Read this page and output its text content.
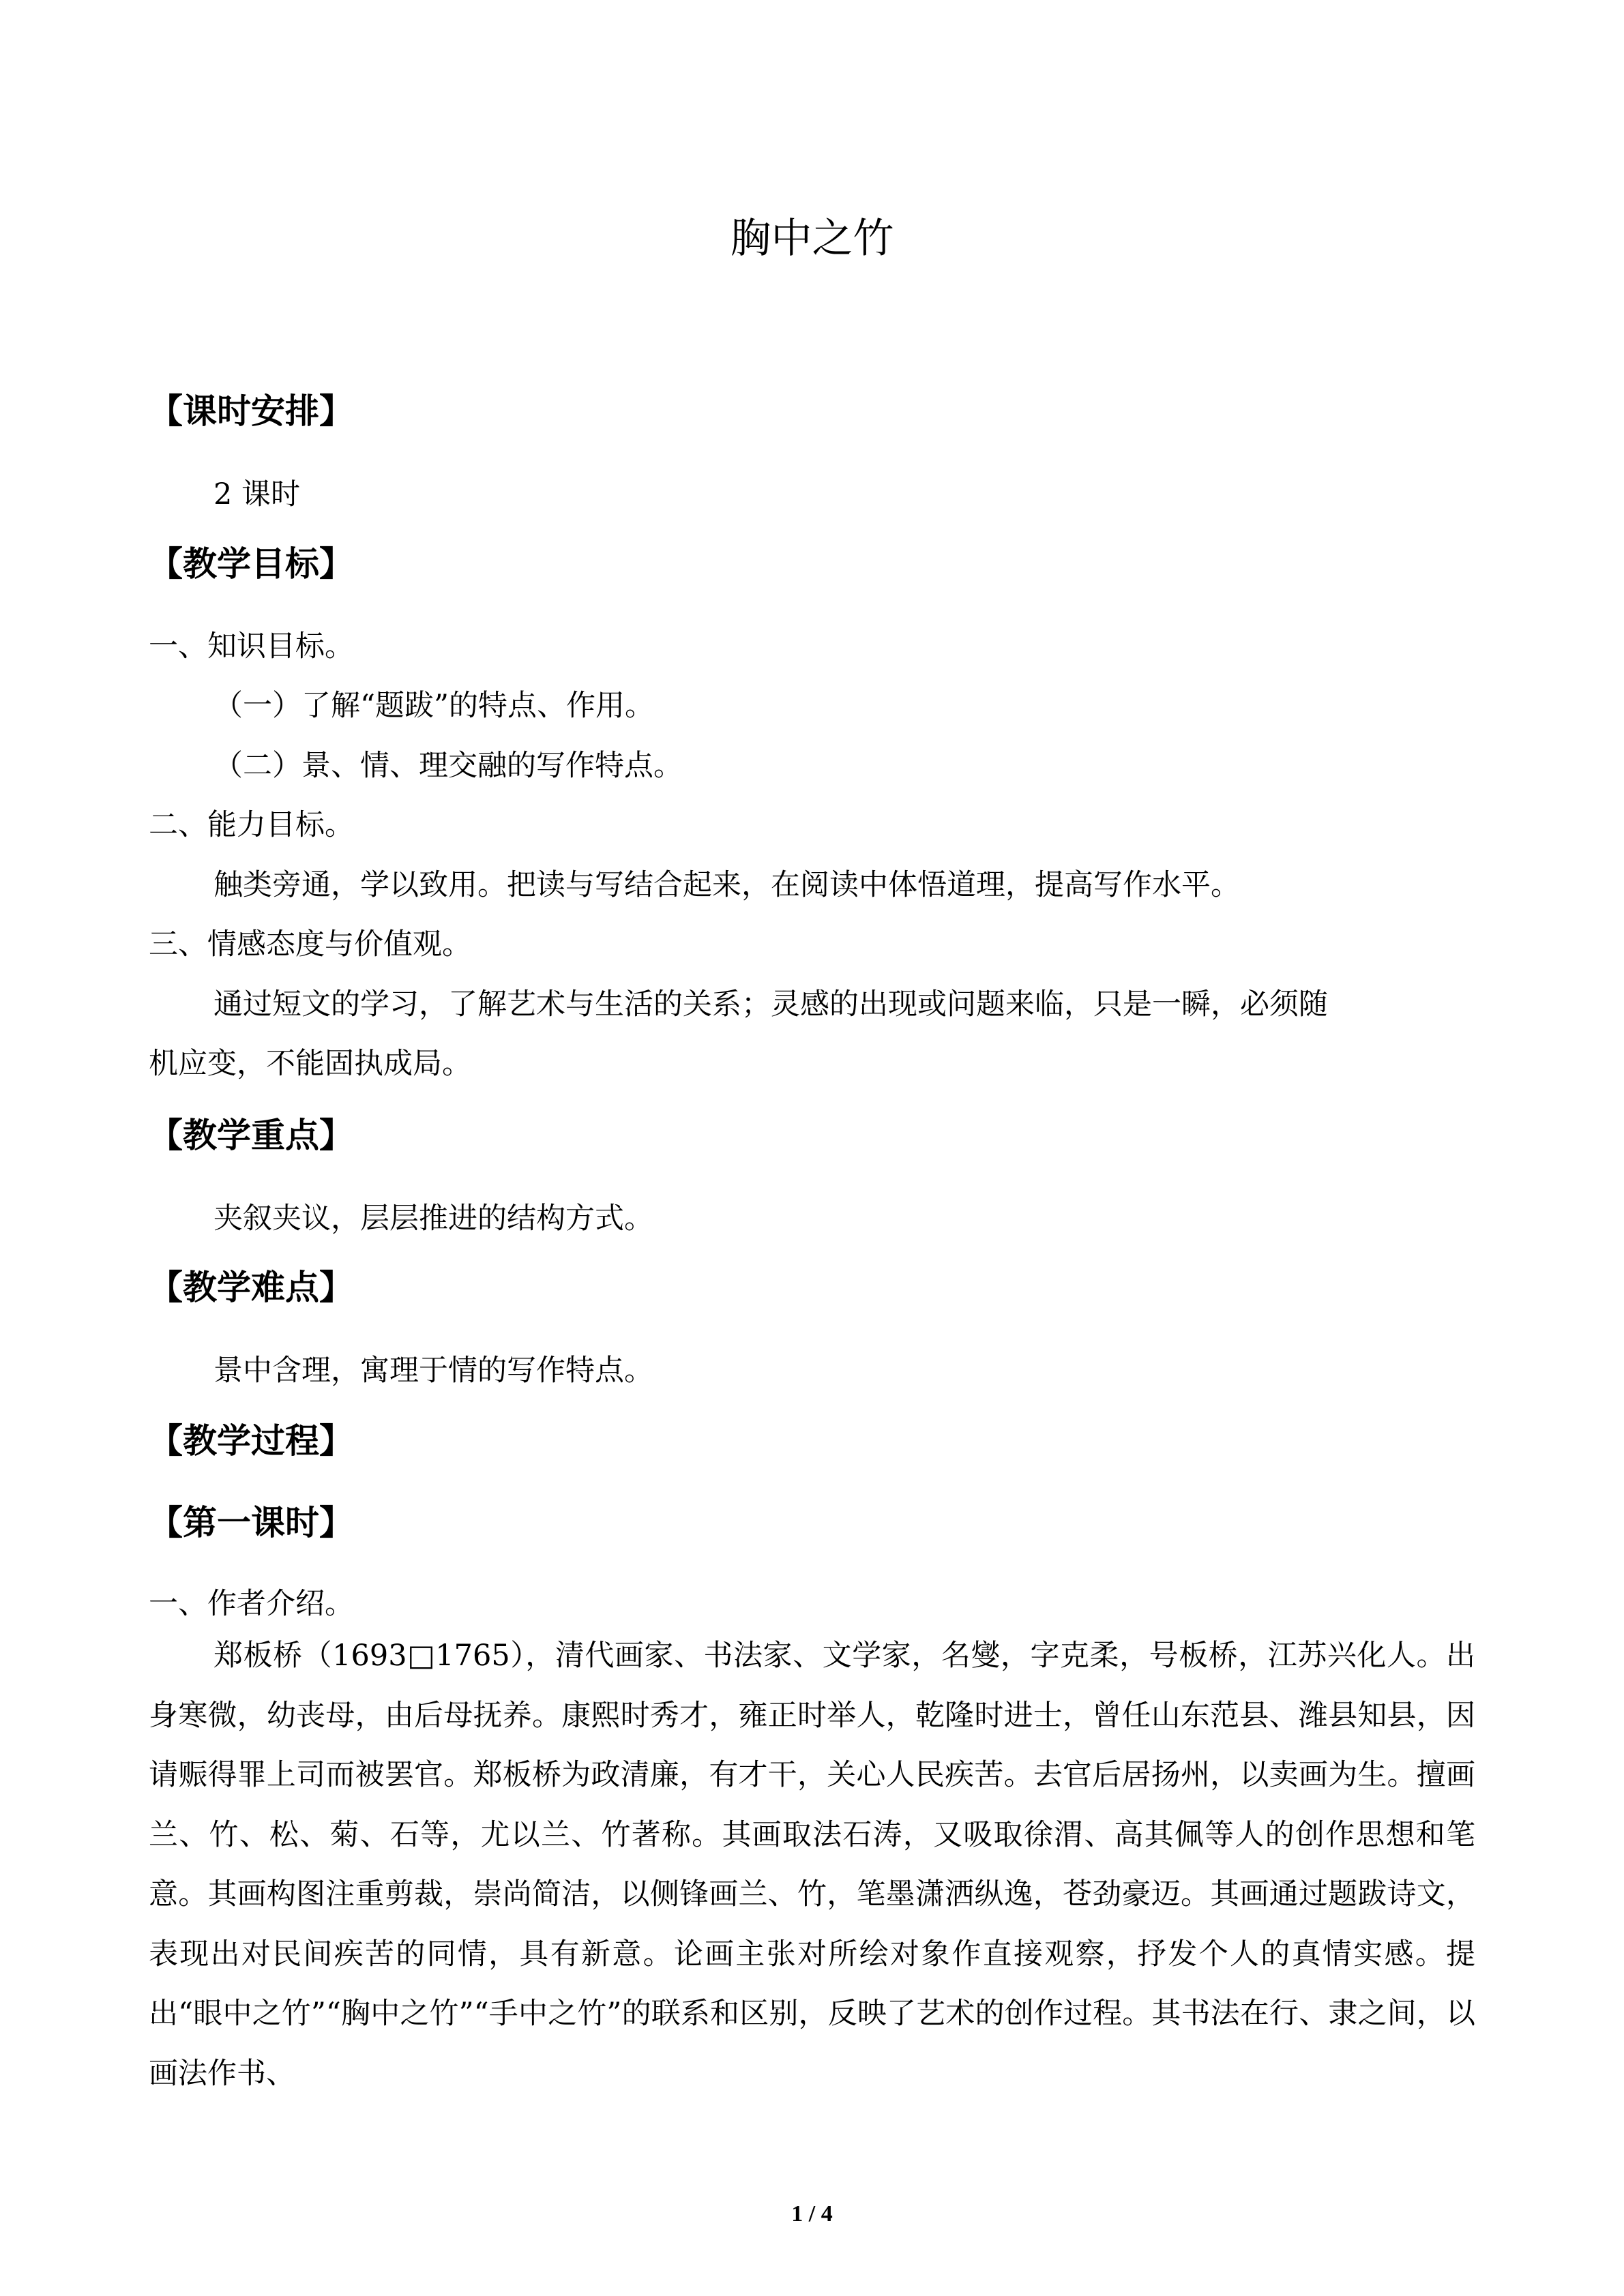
胸中之竹
【课时安排】
2 课时
【教学目标】
一、知识目标。
（一）了解“题跋”的特点、作用。
（二）景、情、理交融的写作特点。
二、能力目标。
触类旁通，学以致用。把读与写结合起来，在阅读中体悟道理，提高写作水平。
三、情感态度与价值观。
通过短文的学习，了解艺术与生活的关系；灵感的出现或问题来临，只是一瞬，必须随
机应变，不能固执成局。
【教学重点】
夹叙夹议，层层推进的结构方式。
【教学难点】
景中含理，寓理于情的写作特点。
【教学过程】
【第一课时】
一、作者介绍。

郑板桥（1693□1765），清代画家、书法家、文学家，名燮，字克柔，号板桥，江苏兴化人。出身寒微，幼丧母，由后母抚养。康熙时秀才，雍正时举人，乾隆时进士，曾任山东范县、潍县知县，因请赈得罪上司而被罢官。郑板桥为政清廉，有才干，关心人民疾苦。去官后居扬州，以卖画为生。擅画兰、竹、松、菊、石等，尤以兰、竹著称。其画取法石涛，又吸取徐渭、高其佩等人的创作思想和笔意。其画构图注重剪裁，崇尚简洁，以侧锋画兰、竹，笔墨潇洒纵逸，苍劲豪迈。其画通过题跋诗文，表现出对民间疾苦的同情，具有新意。论画主张对所绘对象作直接观察，抒发个人的真情实感。提出“眼中之竹”“胸中之竹”“手中之竹”的联系和区别，反映了艺术的创作过程。其书法在行、隶之间，以画法作书、

1 / 4
